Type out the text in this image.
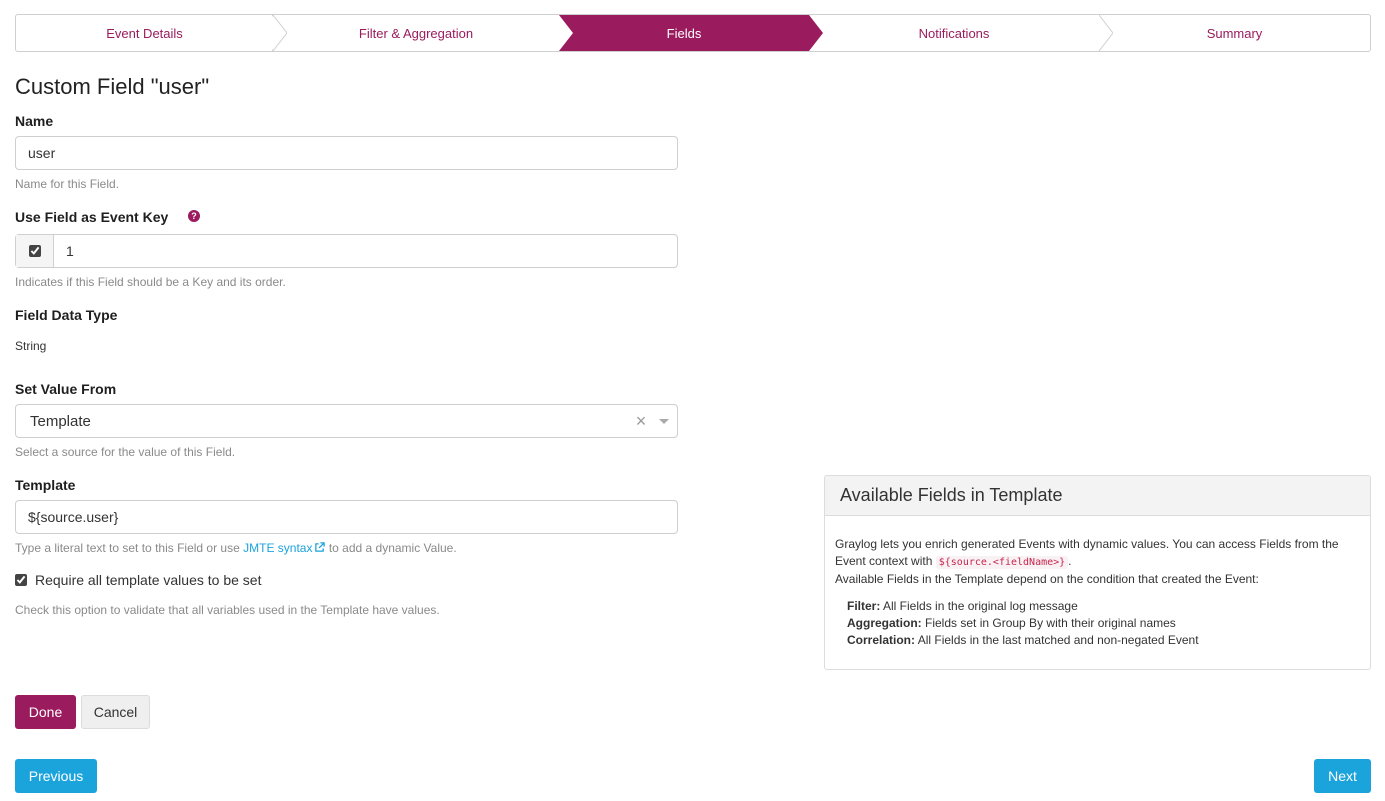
Event Details	Filter & Aggregation	Fields	Notifications	Summary
Custom Field "user"
Name
user
Name for this Field.
Use Field as Event Key	?
1
Indicates if this Field should be a Key and its order.
Field Data Type
String
Set Value From
Template	×
Select a source for the value of this Field.
Template
${source.user}
Type a literal text to set to this Field or use JMTE syntax to add a dynamic Value.
Require all template values to be set
Check this option to validate that all variables used in the Template have values.
Done	Cancel
Previous	Next
Available Fields in Template
Graylog lets you enrich generated Events with dynamic values. You can access Fields from the Event context with ${source.<fieldName>} .
Available Fields in the Template depend on the condition that created the Event:
Filter: All Fields in the original log message
Aggregation: Fields set in Group By with their original names
Correlation: All Fields in the last matched and non-negated Event
